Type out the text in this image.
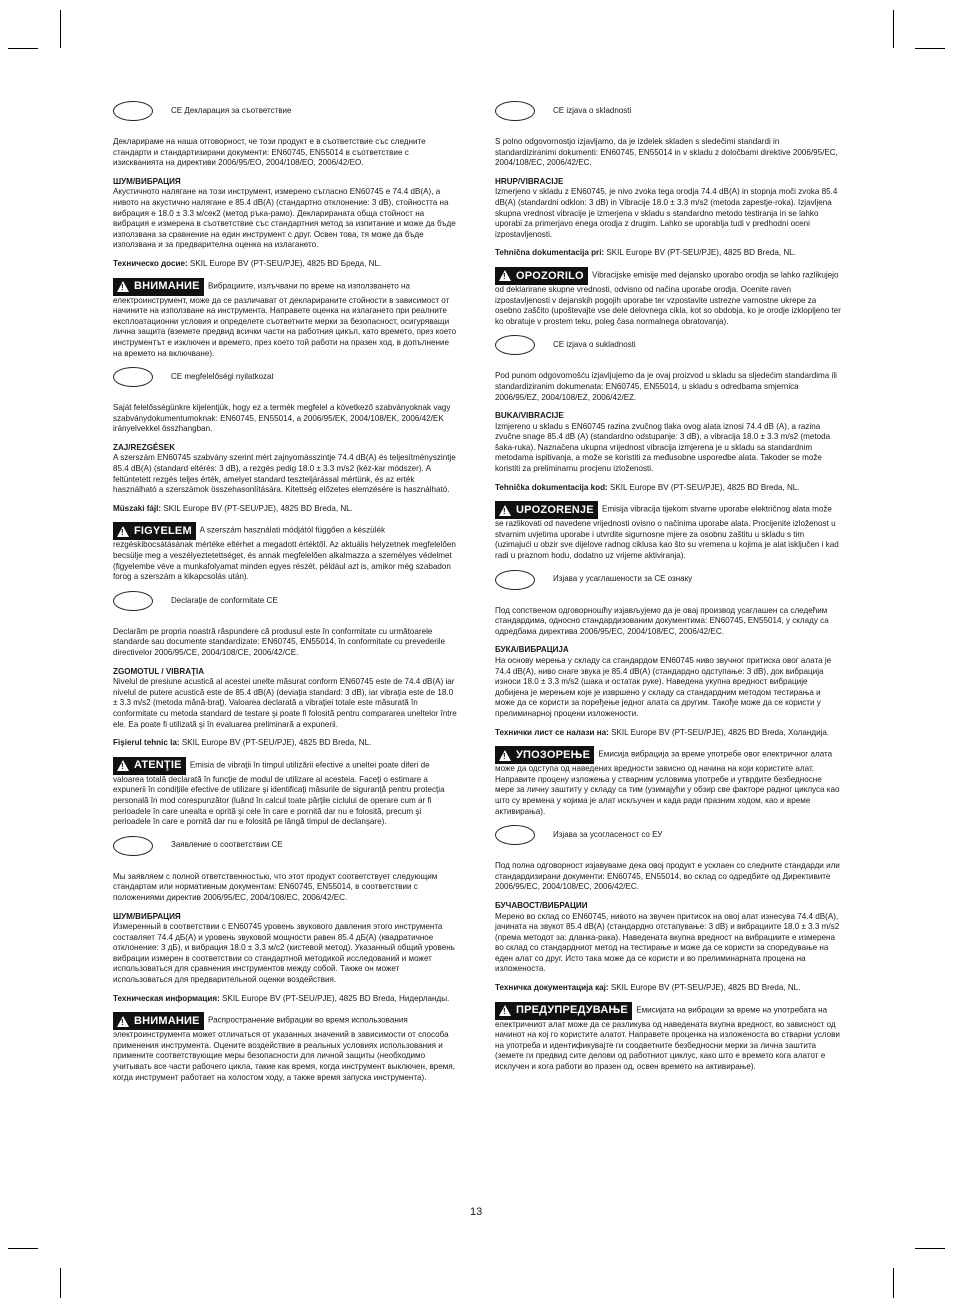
CE Декларация за съответствие

Декларираме на наша отговорност, че този продукт е в съответствие със следните стандарти и стандартизирани документи: EN60745, EN55014 в съответствие с изискванията на директиви 2006/95/EO, 2004/108/EO, 2006/42/EO.

ШУМ/ВИБРАЦИЯ

Акустичното налягане на този инструмент, измерено съгласно EN60745 е 74.4 dB(A), а нивото на акустично налягане е 85.4 dB(A) (стандартно отклонение: 3 dB), стойността на вибрация е 18.0 ± 3.3 м/сек2 (метод ръка-рамо). Декларираната обща стойност на вибрация е измерена в съответствие със стандартния метод за изпитание и може да бъде използвана за сравнение на един инструмент с друг. Освен това, тя може да бъде използвана и за предварителна оценка на излагането.

Техническо досие: SKIL Europe BV (PT-SEU/PJE), 4825 BD Бреда, NL.

!
ВНИМАНИЕ Вибрациите, излъчвани по време на използването на електроинструмент, може да се различават от декларираните стойности в зависимост от начините на използване на инструмента. Направете оценка на излагането при реалните експлоатационни условия и определете съответните мерки за безопасност, осигуряващи лична защита (вземете предвид всички части на работния цикъл, като времето, през което инструментът е изключен и времето, през което той работи на празен ход, в допълнение на времето на включване).

CE megfelelőségi nyilatkozat

Saját felelősségünkre kijelentjük, hogy ez a termék megfelel a következő szabványoknak vagy szabványdokumentumoknak: EN60745, EN55014, a 2006/95/EK, 2004/108/EK, 2006/42/EK irányelvekkel összhangban.

ZAJ/REZGÉSEK

A szerszám EN60745 szabvány szerint mért zajnyomásszintje 74.4 dB(A) és teljesítményszintje 85.4 dB(A) (standard eltérés: 3 dB), a rezgés pedig 18.0 ± 3.3 m/s2 (kéz-kar módszer). A feltüntetett rezgés teljes érték, amelyet standard teszteljárással mértünk, és az erték használható a szerszámok összehasonlítására. Kitettség előzetes elemzésére is használható.

Müszaki fájl: SKIL Europe BV (PT-SEU/PJE), 4825 BD Breda, NL.

!
FIGYELEM A szerszám használati módjától függően a készülék rezgéskibocsátásának mértéke eltérhet a megadott értéktől. Az aktuális helyzetnek megfelelően becsülje meg a veszélyeztetettséget, és annak megfelelően alkalmazza a személyes védelmet (figyelembe véve a munkafolyamat minden egyes részét, például azt is, amikor még szabadon forog a szerszám a kikapcsolás után).

Declaraţie de conformitate CE

Declarăm pe propria noastră răspundere că produsul este în conformitate cu următoarele standarde sau documente standardizate: EN60745, EN55014, în conformitate cu prevederile directivelor 2006/95/CE, 2004/108/CE, 2006/42/CE.

ZGOMOTUL / VIBRAŢIA

Nivelul de presiune acustică al acestei unelte măsurat conform EN60745 este de 74.4 dB(A) iar nivelul de putere acustică este de 85.4 dB(A) (deviaţia standard: 3 dB), iar vibraţia este de 18.0 ± 3.3 m/s2 (metoda mână-braţ). Valoarea declarată a vibraţiei totale este măsurată în conformitate cu metoda standard de testare şi poate fi folosită pentru compararea uneltelor între ele. Ea poate fi utilizată şi în evaluarea preliminară a expunerii.

Fişierul tehnic la: SKIL Europe BV (PT-SEU/PJE), 4825 BD Breda, NL.

!
ATENŢIE Emisia de vibraţii în timpul utilizării efective a uneltei poate diferi de valoarea totală declarată în funcţie de modul de utilizare al acesteia. Faceţi o estimare a expunerii în condiţiile efective de utilizare şi identificaţi măsurile de siguranţă pentru protecţia personală în mod corespunzător (luând în calcul toate părţile ciclului de operare cum ar fi perioadele în care unealta e oprită şi cele în care e pornită dar nu e folosită, precum şi perioadele în care e pornită dar nu e folosită pe lângă timpul de declanşare).

Заявление о соответствии CE

Мы заявляем с полной ответственностью, что этот продукт соответствует следующим стандартам или нормативным документам: EN60745, EN55014, в соответствии с положениями директив 2006/95/EC, 2004/108/EC, 2006/42/EC.

ШУМ/ВИБРАЦИЯ

Измеренный в соответствии с EN60745 уровень звукового давления этого инструмента составляет 74.4 дБ(А) и уровень звуковой мощности равен 85.4 дБ(А) (квадратичное отклонение: 3 дБ), и вибрация 18.0 ± 3.3 м/с2 (кистевой метод). Указанный общий уровень вибрации измерен в соответствии со стандартной методикой исследований и может использоваться для сравнения инструментов между собой. Также он может использоваться для предварительной оценки воздействия.

Техническая информация: SKIL Europe BV (PT-SEU/PJE), 4825 BD Breda, Нидерланды.

!
ВНИМАНИЕ Распространение вибрации во время использования электроинструмента может отличаться от указанных значений в зависимости от способа применения инструмента. Оцените воздействие в реальных условиях использования и примените соответствующие меры безопасности для личной защиты (необходимо учитывать все части рабочего цикла, такие как время, когда инструмент выключен, время, когда инструмент работает на холостом ходу, а также время запуска инструмента).

CE izjava o skladnosti

S polno odgovornostjo izjavljamo, da je izdelek skladen s sledečimi standardi in standardiziranimi dokumenti: EN60745, EN55014 in v skladu z določbami direktive 2006/95/EC, 2004/108/EC, 2006/42/EC.

HRUP/VIBRACIJE

Izmerjeno v skladu z EN60745, je nivo zvoka tega orodja 74.4 dB(A) in stopnja moči zvoka 85.4 dB(A) (standardni odklon: 3 dB) in Vibracije 18.0 ± 3.3 m/s2 (metoda zapestje-roka). Izjavljena skupna vrednost vibracije je izmerjena v skladu s standardno metodo testiranja in se lahko uporabi za primerjavo enega orodja z drugim. Lahko se uporablja tudi v predhodni oceni izpostavljenosti.

Tehnična dokumentacija pri: SKIL Europe BV (PT-SEU/PJE), 4825 BD Breda, NL.

!
OPOZORILO Vibracijske emisije med dejansko uporabo orodja se lahko razlikujejo od deklarirane skupne vrednosti, odvisno od načina uporabe orodja. Ocenite raven izpostavljenosti v dejanskih pogojih uporabe ter vzpostavite ustrezne varnostne ukrepe za osebno zaščito (upoštevajte vse dele delovnega cikla, kot so obdobja, ko je orodje izklopljeno ter ko obratuje v prostem teku, poleg časa normalnega obratovanja).

CE izjava o sukladnosti

Pod punom odgovornošću izjavljujemo da je ovaj proizvod u skladu sa sljedećim standardima ili standardiziranim dokumenata: EN60745, EN55014, u skladu s odredbama smjernica 2006/95/EZ, 2004/108/EZ, 2006/42/EZ.

BUKA/VIBRACIJE

Izmjereno u skladu s EN60745 razina zvučnog tlaka ovog alata iznosi 74.4 dB (A), a razina zvučne snage 85.4 dB (A) (standardno odstupanje: 3 dB), a vibracija 18.0 ± 3.3 m/s2 (metoda šaka-ruka). Naznačena ukupna vrijednost vibracija izmjerena je u skladu sa standardnim metodama ispitivanja, a može se koristiti za međusobne usporedbe alata. Takoder se može koristiti za preliminarnu procjenu izloženosti.

Tehnička dokumentacija kod: SKIL Europe BV (PT-SEU/PJE), 4825 BD Breda, NL.

!
UPOZORENJE Emisija vibracija tijekom stvarne uporabe električnog alata može se razlikovati od navedene vrijednosti ovisno o načinima uporabe alata. Procijenite izloženost u stvarnim uvjetima uporabe i utvrdite sigurnosne mjere za osobnu zaštitu u skladu s tim (uzimajući u obzir sve dijelove radnog ciklusa kao što su vremena u kojima je alat isključen i kad radi u praznom hodu, dodatno uz vrijeme aktiviranja).

Изјава у усаглашености за CE ознаку

Под сопственом одговорношћу изјављујемо да је овај производ усаглашен са следећим стандардима, односно стандардизованим документима: EN60745, EN55014, у складу са одредбама директива 2006/95/EC, 2004/108/EC, 2006/42/EC.

БУКА/ВИБРАЦИЈА

На основу мерења у складу са стандардом EN60745 ниво звучног притиска овог алата је 74.4 dB(A), ниво снаге звука је 85.4 dB(A) (стандардно одступање: 3 dB), док вибрација износи 18.0 ± 3.3 m/s2 (шака и остатак руке). Наведена укупна вредност вибрације добијена је мерењем које је извршено у складу са стандардним методом тестирања и може да се користи за поређење једног алата са другим. Такође може да се користи у прелиминарној процени изложености.

Технички лист се налази на: SKIL Europe BV (PT-SEU/PJE), 4825 BD Breda, Холандија.

!
УПОЗОРЕЊЕ Емисија вибрација за време употребе овог електричног алата може да одступа од наведених вредности зависно од начина на који користите алат. Направите процену изложења у стварним условима употребе и утврдите безбедносне мере за личну заштиту у складу са тим (узимајући у обзир све факторе радног циклуса као што су времена у којима је алат искључен и када ради празним ходом, као и време активирања).

Изјава за усогласеност со ЕУ

Под полна одговорност изјавуваме дека овој продукт е усклаен со следните стандарди или стандардизирани документи: EN60745, EN55014, во склад со одредбите од Директивите 2006/95/EC, 2004/108/EC, 2006/42/EC.

БУЧАВОСТ/ВИБРАЦИИ

Мерено во склад со EN60745, нивото на звучен притисок на овој алат изнесува 74.4 dB(A), јачината на звукот 85.4 dB(A) (стандардно отстапување: 3 dB) и вибрациите 18.0 ± 3.3 m/s2 (према методот за: дланка-рака). Наведената вкупна вредност на вибрациите е измерена во склад со стандардниот метод на тестирање и може да се користи за споредување на еден алат со друг. Исто така може да се користи и во прелиминарната процена на изложеноста.

Техничка документација кај: SKIL Europe BV (PT-SEU/PJE), 4825 BD Breda, NL.

!
ПРЕДУПРЕДУВАЊЕ Емисијата на вибрации за време на употребата на електричниот алат може да се разликува од наведената вкупна вредност, во зависност од начинот на кој го користите алатот. Направете проценка на изложеноста во стварни услови на употреба и идентификувајте ги соодветните безбедносни мерки за лична заштита (земете ги предвид сите делови од работниот циклус, како што е времето кога алатот е исклучен и кога работи во празен од, освен времето на активирање).

13
